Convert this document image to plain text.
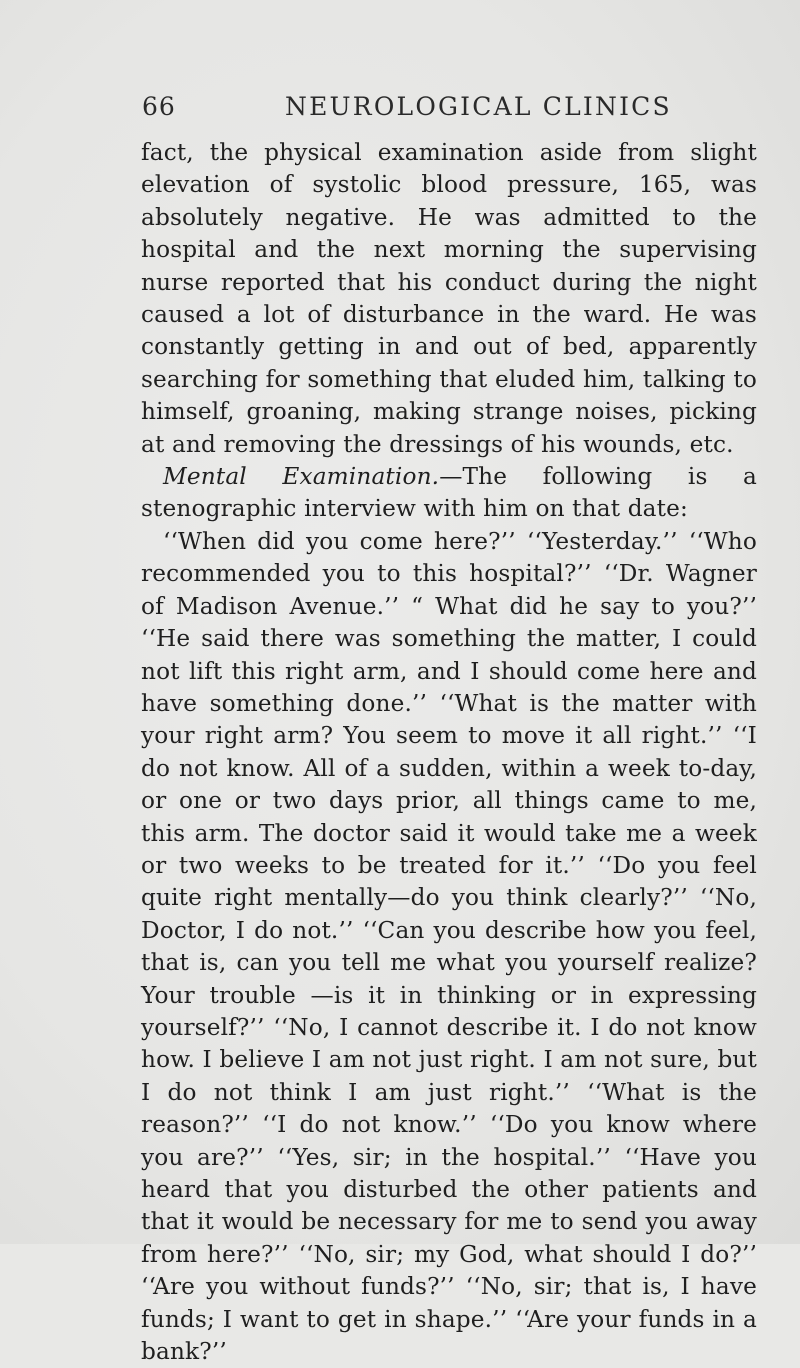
66	NEUROLOGICAL CLINICS

fact, the physical examination aside from slight elevation of systolic blood pressure, 165, was absolutely negative. He was admitted to the hospital and the next morning the supervising nurse reported that his conduct during the night caused a lot of disturbance in the ward. He was constantly getting in and out of bed, apparently searching for something that eluded him, talking to himself, groaning, making strange noises, picking at and removing the dressings of his wounds, etc.

Mental Examination.—The following is a stenographic interview with him on that date:

‘‘When did you come here?’’ ‘‘Yesterday.’’ ‘‘Who recommended you to this hospital?’’ ‘‘Dr. Wagner of Madison Avenue.’’ “ What did he say to you?’’ ‘‘He said there was something the matter, I could not lift this right arm, and I should come here and have something done.’’ ‘‘What is the matter with your right arm? You seem to move it all right.’’ ‘‘I do not know. All of a sudden, within a week to-day, or one or two days prior, all things came to me, this arm. The doctor said it would take me a week or two weeks to be treated for it.’’ ‘‘Do you feel quite right mentally—do you think clearly?’’ ‘‘No, Doctor, I do not.’’ ‘‘Can you describe how you feel, that is, can you tell me what you yourself realize? Your trouble —is it in thinking or in expressing yourself?’’ ‘‘No, I cannot describe it. I do not know how. I believe I am not just right. I am not sure, but I do not think I am just right.’’ ‘‘What is the reason?’’ ‘‘I do not know.’’ ‘‘Do you know where you are?’’ ‘‘Yes, sir; in the hospital.’’ ‘‘Have you heard that you disturbed the other patients and that it would be necessary for me to send you away from here?’’ ‘‘No, sir; my God, what should I do?’’ ‘‘Are you without funds?’’ ‘‘No, sir; that is, I have funds; I want to get in shape.’’ ‘‘Are your funds in a bank?’’
